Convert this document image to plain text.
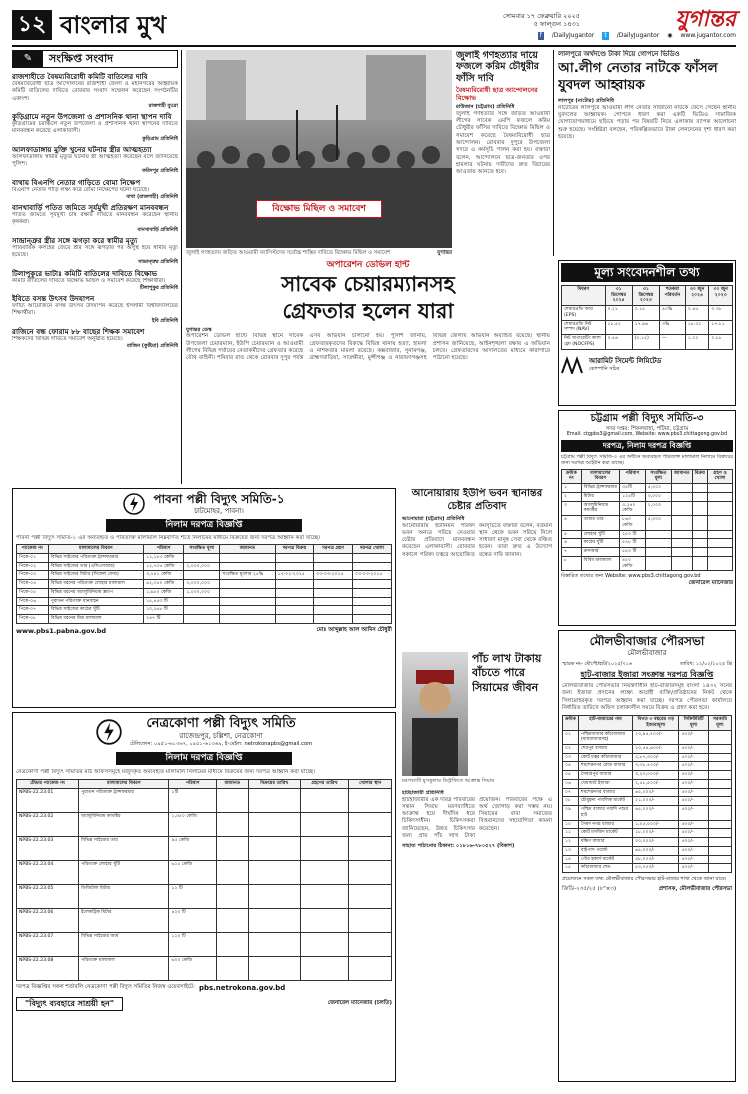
১২ বাংলার মুখ	সোমবার ১৭ ফেব্রুয়ারি ২০২৫
৫ ফাল্গুন ১৪৩১
f	/DailyJugantor	t	/DailyJugantor ◉ www.jugantor.com
যুগান্তর
✎	সংক্ষিপ্ত সংবাদ
রাজশাহীতে বৈষম্যবিরোধী কমিটি বাতিলের দাবি
বৈষম্যবিরোধী ছাত্র আন্দোলনের রাজশাহী জেলা ও মহানগরের আহ্বায়ক কমিটি বাতিলের দাবিতে রোববার সংবাদ সম্মেলন করেছেন সংগঠনটির একাংশ।
রাজশাহী ব্যুরো
কুড়িগ্রামে নতুন উপজেলা ও প্রশাসনিক থানা স্থাপন দাবি
কুড়িগ্রামের চরাঞ্চলে নতুন উপজেলা ও প্রশাসনিক থানা স্থাপনের দাবিতে মানববন্ধন করেছে এলাকাবাসী।
কুড়িগ্রাম প্রতিনিধি
আলফাডাঙ্গায় মুক্তি খুনের ঘটনায় স্ত্রীর আত্মহত্যা
আলফাডাঙ্গায় স্বামীর মৃত্যুর ঘটনায় স্ত্রী আত্মহত্যা করেছেন বলে জানিয়েছে পুলিশ।
ফরিদপুর প্রতিনিধি
বাথায় বিএনপি নেতার গাড়িতে বোমা নিক্ষেপ
বিএনপি নেতার গাড়ি লক্ষ্য করে বোমা নিক্ষেপের ঘটনা ঘটেছে।
বাথা (রাজশাহী) প্রতিনিধি
বানখাবার্ড়ি পতিত জমিতে সূর্যমুখী প্রতিরক্ষণ মানববন্ধন
পতিত জমিতে সূর্যমুখী চাষ রক্ষার দাবিতে মানববন্ধন করেছেন স্থানীয় কৃষকরা।
বানখাবার্ড়ি প্রতিনিধি
সান্দ্রান্ত্রুর স্ত্রীর সঙ্গে ঝগড়া করে স্বামীর মৃত্যু
পারিবারিক কলহের জেরে স্ত্রীর সঙ্গে ঝগড়ার পর অসুস্থ হয়ে স্বামীর মৃত্যু হয়েছে।
সান্দ্রান্ত্রুর প্রতিনিধি
টিলাপুকুরে ভাটাঃ কমিটি বাতিলের দাবিতে বিক্ষোভ
কমিটি বাতিলের দাবিতে বিক্ষোভ মিছিল ও সমাবেশ করেছে শিক্ষার্থীরা।
টিলাপুকুর প্রতিনিধি
ইবিতে বসন্ত উৎসব উদযাপন
বর্ণাঢ্য আয়োজনে বসন্ত উৎসব উদযাপন করেছে ইসলামী বিশ্ববিদ্যালয়ের শিক্ষার্থীরা।
ইবি প্রতিনিধি
রাজিনে বন্ধ ফোরাম ৮৮ বাছের শিক্ষক সমাবেশ
শিক্ষকদের বিভিন্ন দাবিতে সমাবেশ অনুষ্ঠিত হয়েছে।
রাজিন (কুষ্টিয়া) প্রতিনিধি
বিক্ষোভ মিছিল ও সমাবেশ
জুলাই গণহত্যায় জড়িত আওয়ামী ফ্যাসিস্টদের সর্বোচ্চ শাস্তির দাবিতে বিক্ষোভ মিছিল ও সমাবেশ	যুগান্তর
জুলাই গণহত্যার দায়ে ফজলে করিম চৌধুরীর ফাঁসি দাবি
বৈষম্যবিরোধী ছাত্র আন্দোলনের বিক্ষোভ
রাউজান (চট্টগ্রাম) প্রতিনিধি
জুলাই গণহত্যার সঙ্গে জড়িত আওয়ামী লীগের সাবেক এমপি ফজলে করিম চৌধুরীর ফাঁসির দাবিতে বিক্ষোভ মিছিল ও সমাবেশ করেছে বৈষম্যবিরোধী ছাত্র আন্দোলন। রোববার দুপুরে উপজেলা সদরে এ কর্মসূচি পালন করা হয়। বক্তারা বলেন, আন্দোলনে ছাত্র-জনতার ওপর হামলার ঘটনায় দায়ীদের দ্রুত বিচারের আওতায় আনতে হবে।
লালপুরে অর্থদণ্ডে টাকা দিয়ে গোপনে ভিডিও
আ.লীগ নেতার নাটকে ফাঁসল যুবদল আহ্বায়ক
লালপুর (নাটোর) প্রতিনিধি
নাটোরের লালপুরে আওয়ামী লীগ নেতার সাজানো নাটকে ফেঁসে গেছেন স্থানীয় যুবদলের আহ্বায়ক। গোপনে ধারণ করা একটি ভিডিও সামাজিক যোগাযোগমাধ্যমে ছড়িয়ে পড়ার পর বিষয়টি নিয়ে এলাকায় ব্যাপক আলোচনা শুরু হয়েছে। সংশ্লিষ্টরা বলছেন, পরিকল্পিতভাবে টাকা লেনদেনের দৃশ্য ধারণ করা হয়েছে।
অপারেশন ডেভিল হান্ট
সাবেক চেয়ারম্যানসহ
গ্রেফতার হলেন যারা
যুগান্তর ডেস্ক
অপারেশন ডেভিল হান্টে বিভিন্ন স্থানে সাবেক উপজেলা চেয়ারম্যান, ইউপি চেয়ারম্যান ও আওয়ামী লীগের বিভিন্ন পর্যায়ের নেতাকর্মীদের গ্রেফতার করেছে যৌথ বাহিনী। শনিবার রাত থেকে রোববার দুপুর পর্যন্ত এসব অভিযান চালানো হয়। পুলিশ জানায়, গ্রেফতারকৃতদের বিরুদ্ধে বিভিন্ন থানায় হত্যা, হামলা ও নাশকতার মামলা রয়েছে। কক্সবাজার, সুনামগঞ্জ, ব্রাহ্মণবাড়িয়া, সাতক্ষীরা, মুন্সীগঞ্জ ও নারায়ণগঞ্জসহ বিভিন্ন জেলায় অভিযান অব্যাহত রয়েছে। স্থানীয় প্রশাসন জানিয়েছে, আইনশৃঙ্খলা রক্ষায় এ অভিযান চলবে। গ্রেফতারদের আদালতের মাধ্যমে কারাগারে পাঠানো হয়েছে।
মূল্য সংবেদনশীল তথ্য
বিবরণ	৩১ ডিসেম্বর ২০২৪	৩১ ডিসেম্বর ২০২৩	শতকরা পরিবর্তন	৩০ জুন ২০২৪	৩০ জুন ২০২৩
শেয়ারপ্রতি আয় (EPS)	০.২১	০.১৫	৪০%	০.৪৫	০.৩৮
শেয়ারপ্রতি নিট সম্পদ (NAV)	১৮.৫২	১৭.৯৬	৩%	১৮.৩১	১৭.৮১
নিট অপারেটিং ক্যাশ ফ্লো (NOCFPS)	০.৫৬	(০.১২)	—	১.০২	০.৮৮
আরামিট সিমেন্ট লিমিটেড
কোম্পানি সচিব
চট্টগ্রাম পল্লী বিদ্যুৎ সমিতি-৩
সদর দপ্তর: শিকলবাহা, পটিয়া, চট্টগ্রাম
Email: ctgpbs3@gmail.com, Website: www.pbs3.chittagong.gov.bd
দরপত্র, নিলাম দরপত্র বিজ্ঞপ্তি
চট্টগ্রাম পল্লী বিদ্যুৎ সমিতি-৩ এর অধীনে অব্যবহৃত পরিত্যক্ত মালামাল নিলামে বিক্রয়ের জন্য দরপত্র আহ্বান করা যাচ্ছে।
ক্রমিক নং	মালামালের বিবরণ	পরিমাণ	সংরক্ষিত মূল্য	জামানত	বিক্রয়	গ্রহণ ও খোলা
১	বিভিন্ন ট্রান্সফরমার	৩৫টি	৫,০০০			
২	মিটার	১২৫টি	৩,০০০			
৩	অ্যালুমিনিয়াম কন্ডাক্টর	৩,২৪০ কেজি	২,০০০			
৪	তামার তার	৮৬০ কেজি	৫,০০০			
৫	লোহার খুঁটি	২৫০ টি				
৬	কাঠের খুঁটি	৫৭৮ টি				
৭	ক্রসআর্ম	৫৫০ টি				
৮	বিবিধ মালামাল	৪২০ কেজি				
বিস্তারিত তথ্যের জন্য Website: www.pbs3.chittagong.gov.bd
জেনারেল ম্যানেজার
পাবনা পল্লী বিদ্যুৎ সমিতি-১
চাটমোহর, পাবনা।
নিলাম দরপত্র বিজ্ঞপ্তি
পাবনা পল্লী বিদ্যুৎ সমিতি-১ এর অব্যবহৃত ও পরিত্যক্ত মালামাল নিম্নবর্ণিত শর্তে নিলামের মাধ্যমে বিক্রয়ের জন্য দরপত্র আহ্বান করা যাচ্ছে।
প্যাকেজ নং	মালামালের বিবরণ	পরিমাণ	সংরক্ষিত মূল্য	জামানত	দরপত্র বিক্রয়	দরপত্র গ্রহণ	দরপত্র খোলা
পিকে-০১	বিভিন্ন সাইজের পরিত্যক্ত ট্রান্সফরমার	১১,১৮৩ কেজি					
পিকে-০২	বিভিন্ন সাইজের তার (এসিএসআর)	১২,৭৩৫ কেজি	২,০০০,০০০				
পিকে-০৩	বিভিন্ন সাইজের মিটার (সিঙ্গেল ফেজ)	৩,২৪১ কেজি		সংরক্ষিত মূল্যের ২৫%	১৭-০২-২০২৫	০৩-০৩-২০২৫	০৩-০৩-২০২৫
পিকে-০৪	বিভিন্ন ধরনের পরিত্যক্ত লোহার মালামাল	৬২,৩৫০ কেজি	৩,০০০,০০০				
পিকে-০৫	বিভিন্ন ধরনের অ্যালুমিনিয়াম স্ক্র্যাপ	১,৬৮০ কেজি	১,০০০,০০০				
পিকে-০৬	পুরাতন পরিত্যক্ত যানবাহন	১৫,৪৫৩ টি					
পিকে-০৭	বিভিন্ন সাইজের কাঠের খুঁটি	১০,২৬৮ টি					
পিকে-০৮	বিভিন্ন ধরনের মিশ্র মালামাল	২৪৭ টি					
www.pbs1.pabna.gov.bd	মোঃ আব্দুল্লাহ আল আমিন চৌধুরী
আনোয়ারায় ইউপি ভবন স্থানান্তর চেষ্টার প্রতিবাদ
আনোয়ারা (চট্টগ্রাম) প্রতিনিধি
আনোয়ারায় ইউনিয়ন পরিষদ ভবন অন্যত্র সরিয়ে নেওয়ার চেষ্টার প্রতিবাদে মানববন্ধন করেছেন এলাকাবাসী। রোববার সকালে পরিষদ চত্বরে আয়োজিত কর্মসূচিতে বক্তারা বলেন, বর্তমান স্থান থেকে ভবন সরিয়ে নিলে সাধারণ মানুষ সেবা থেকে বঞ্চিত হবেন। তারা দ্রুত এ উদ্যোগ বন্ধের দাবি জানান।
মরণব্যাধি মুসকুলার ডিস্ট্রফিতে আক্রান্ত সিয়াম
পাঁচ লাখ টাকায়
বাঁচতে পারে
সিয়ামের জীবন
হাটহাজারী প্রতিনিধি
হাটহাজারীর এক দরিদ্র পরিবারের সন্তান সিয়াম মরণব্যাধিতে আক্রান্ত হয়ে দীর্ঘদিন ধরে চিকিৎসাধীন। চিকিৎসকরা জানিয়েছেন, উন্নত চিকিৎসার জন্য প্রায় পাঁচ লাখ টাকা প্রয়োজন। পরিবারের পক্ষে এ অর্থ জোগাড় করা সম্ভব নয়। সিয়ামের বাবা সমাজের বিত্তবানদের সহযোগিতা কামনা করেছেন।
সাহায্য পাঠানোর ঠিকানা: ০১৮১৬-৭৮০৫২৭ (বিকাশ)
নেত্রকোণা পল্লী বিদ্যুৎ সমিতি
রাজেন্দ্রপুর, চল্লিশা, নেত্রকোণা
টেলিফোন: ০৯৫১-৬১৩৬৭, ০৯৫১-৬১৩৬৯, ই-মেইল: netrokonapbs@gmail.com
নিলাম দরপত্র বিজ্ঞপ্তি
নেত্রকোণা পল্লী বিদ্যুৎ সমিতির মাঠ অফিসসমূহে মজুদকৃত অব্যবহৃত মালামাল নিলামের মাধ্যমে বিক্রয়ের জন্য দরপত্র আহ্বান করা যাচ্ছে।
টেন্ডার প্যাকেজ নং	মালামালের বিবরণ	পরিমাণ	জামানত	বিক্রয়ের তারিখ	গ্রহণের তারিখ	খোলার স্থান
NPBS-22.23.01	পুরাতন পরিত্যক্ত ট্রান্সফরমার	১টি				
NPBS-22.23.02	অ্যালুমিনিয়াম কন্ডাক্টর	১,৩৫০ কেজি				
NPBS-22.23.03	বিভিন্ন সাইজের তার	৯৫ কেজি				
NPBS-22.23.04	পরিত্যক্ত লোহার খুঁটি	৬১৫ কেজি				
NPBS-22.23.05	ডিজিটাল মিটার	১২ টি				
NPBS-22.23.06	ইলেকট্রিক মিটার	৪২৩ টি				
NPBS-22.23.07	বিভিন্ন সাইজের আর্ম	১১০ টি				
NPBS-22.23.08	পরিত্যক্ত মালামাল	৬০০ কেজি				
দরপত্র বিজ্ঞপ্তির সকল শর্তাবলি নেত্রকোণা পল্লী বিদ্যুৎ সমিতির নিজস্ব ওয়েবসাইটে: pbs.netrokona.gov.bd
"বিদ্যুৎ ব্যবহারে সাশ্রয়ী হন"	জেনারেল ম্যানেজার (চলতি)
মৌলভীবাজার পৌরসভা
মৌলভীবাজার
স্মারক নং- মৌপৌ/হাট/২০২৫/৭১৬	তারিখ: ১২/০২/২০২৫ খ্রি
হাট-বাজার ইজারা সংক্রান্ত দরপত্র বিজ্ঞপ্তি
মৌলভীবাজার পৌরসভার নিয়ন্ত্রণাধীন হাট-বাজারসমূহ বাংলা ১৪৩২ সনের জন্য ইজারা প্রদানের লক্ষ্যে আগ্রহী ব্যক্তি/প্রতিষ্ঠানের নিকট থেকে সিলমোহরকৃত দরপত্র আহ্বান করা যাচ্ছে। দরপত্র পৌরসভা কার্যালয়ে নির্ধারিত তারিখে অফিস চলাকালীন সময়ে বিক্রয় ও গ্রহণ করা হবে।
ক্রমিক	হাট-বাজারের নাম	বিগত ৩ বছরের গড় ইজারামূল্য	সিকিউরিটি মূল্য	সরকারি মূল্য
০১	পশ্চিমবাজার কাঁচাবাজার (মাছবাজারসহ)	২৩,৯৫,৭০০/-	৫০০/-	
০২	শেরপুর বাজার	১০,৫৪,৬০০/-	৫০০/-	
০৩	কোর্ট চত্বর কাঁচাবাজার	২,৮৭,৩০০/-	৫০০/-	
০৪	শমশেরনগর রোড বাজার	৩,৩৮,৭০০/-	৫০০/-	
০৫	সৈয়ারপুর বাজার	৩,২৩,০০০/-	৫০০/-	
০৬	খেয়াঘাট ইজারা	২,৫৮,৫০০/-	৫০০/-	
০৭	শমশেরনগর বাজার	৬৫,০০০/-	৫০০/-	
০৮	চৌমুহনা পাবলিক মার্কেট	২১,০০০/-	৫০০/-	
০৯	পশ্চিম বাজার গবাদি পশুর হাট	৬৫,০০০/-	৫০০/-	
১০	সৈয়দ নগর বাজার	১,০৫,০০০/-	৫০০/-	
১১	কোর্ট মসজিদ মার্কেট	১৮,০০০/-	৫০০/-	
১২	দক্ষিণ বাজার	৩০,০০০/-	৫০০/-	
১৩	বাইপাস পয়েন্ট	৬৫,০০০/-	৫০০/-	
১৪	পৌর হকার্স মার্কেট	৪৮,০০০/-	৫০০/-	
১৫	কাঁচাবাজার শেড	৫০,০০০/-	৫০০/-	
প্রয়োজনে সকল তথ্য মৌলভীবাজার পৌরসভার হাট-বাজার শাখা থেকে জানা যাবে।
জিডি-২৩৫/২৫ (৮"×৩)	প্রশাসক, মৌলভীবাজার পৌরসভা
